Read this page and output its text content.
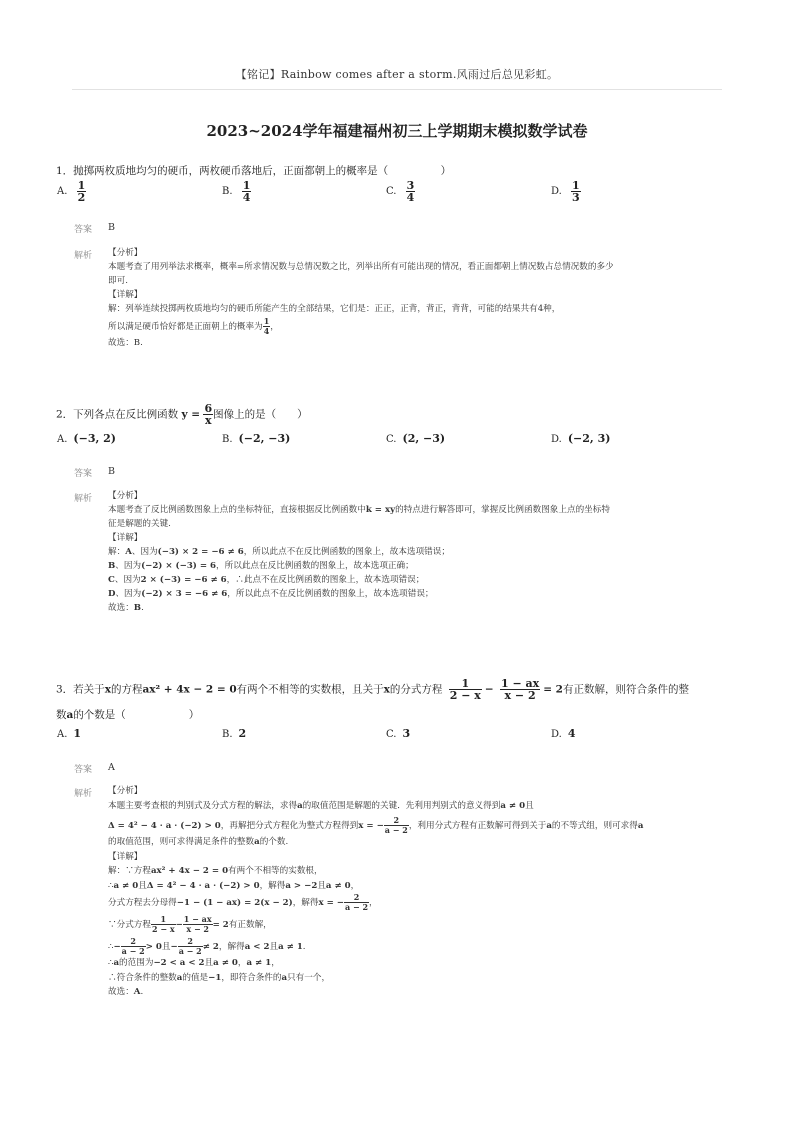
【铭记】Rainbow comes after a storm.风雨过后总见彩虹。
2023~2024学年福建福州初三上学期期末模拟数学试卷
1．抛掷两枚质地均匀的硬币，两枚硬币落地后，正面都朝上的概率是（　　　　　）
A. $\frac{1}{2}$	B. $\frac{1}{4}$	C. $\frac{3}{4}$	D. $\frac{1}{3}$
答案 B
解析 【分析】
本题考查了用列举法求概率，概率=所求情况数与总情况数之比，列举出所有可能出现的情况，看正面都朝上情况数占总情况数的多少
即可.
【详解】
解：列举连续投掷两枚质地均匀的硬币所能产生的全部结果，它们是：正正，正背，背正，背背，可能的结果共有4种，
所以满足硬币恰好都是正面朝上的概率为 $\frac{1}{4}$ ，
故选：B.
2．下列各点在反比例函数 $y = \frac{6}{x}$ 图像上的是（　　）
A. (−3, 2)	B. (−2, −3)	C. (2, −3)	D. (−2, 3)
答案 B
解析 【分析】
本题考查了反比例函数图象上点的坐标特征，直接根据反比例函数中k = xy的特点进行解答即可，掌握反比例函数图象上点的坐标特
征是解题的关键.
【详解】
解：A、因为(−3) × 2 = −6 ≠ 6，所以此点不在反比例函数的图象上，故本选项错误；
B、因为(−2) × (−3) = 6，所以此点在反比例函数的图象上，故本选项正确；
C、因为2 × (−3) = −6 ≠ 6，∴此点不在反比例函数的图象上，故本选项错误；
D、因为(−2) × 3 = −6 ≠ 6，所以此点不在反比例函数的图象上，故本选项错误；
故选：B.
3．若关于x的方程ax² + 4x − 2 = 0有两个不相等的实数根，且关于x的分式方程 $\frac{1}{2 - x} - \frac{1 - ax}{x - 2} = 2$有正数解，则符合条件的整
数a的个数是（　　　　　　）
A. 1	B. 2	C. 3	D. 4
答案 A
解析 【分析】
本题主要考查根的判别式及分式方程的解法，求得a的取值范围是解题的关键．先利用判别式的意义得到a ≠ 0且
Δ = 4² − 4 · a · (−2) > 0，再解把分式方程化为整式方程得到x = − $\frac{2}{a - 2}$ ，利用分式方程有正数解可得到关于a的不等式组，则可求得a
的取值范围，则可求得满足条件的整数a的个数.
【详解】
解：∵方程ax² + 4x − 2 = 0有两个不相等的实数根，
∴a ≠ 0且Δ = 4² − 4 · a · (−2) > 0，解得a > −2且a ≠ 0，
分式方程去分母得−1 − (1 − ax) = 2(x − 2)，解得x = − $\frac{2}{a - 2}$ ，
∵分式方程 $\frac{1}{2 - x} - \frac{1 - ax}{x - 2} = 2$有正数解，
∴− $\frac{2}{a - 2} > 0$且− $\frac{2}{a - 2} \ne 2$，解得a < 2且a ≠ 1.
∴a的范围为−2 < a < 2且a ≠ 0，a ≠ 1，
∴符合条件的整数a的值是−1，即符合条件的a只有一个，
故选：A.
